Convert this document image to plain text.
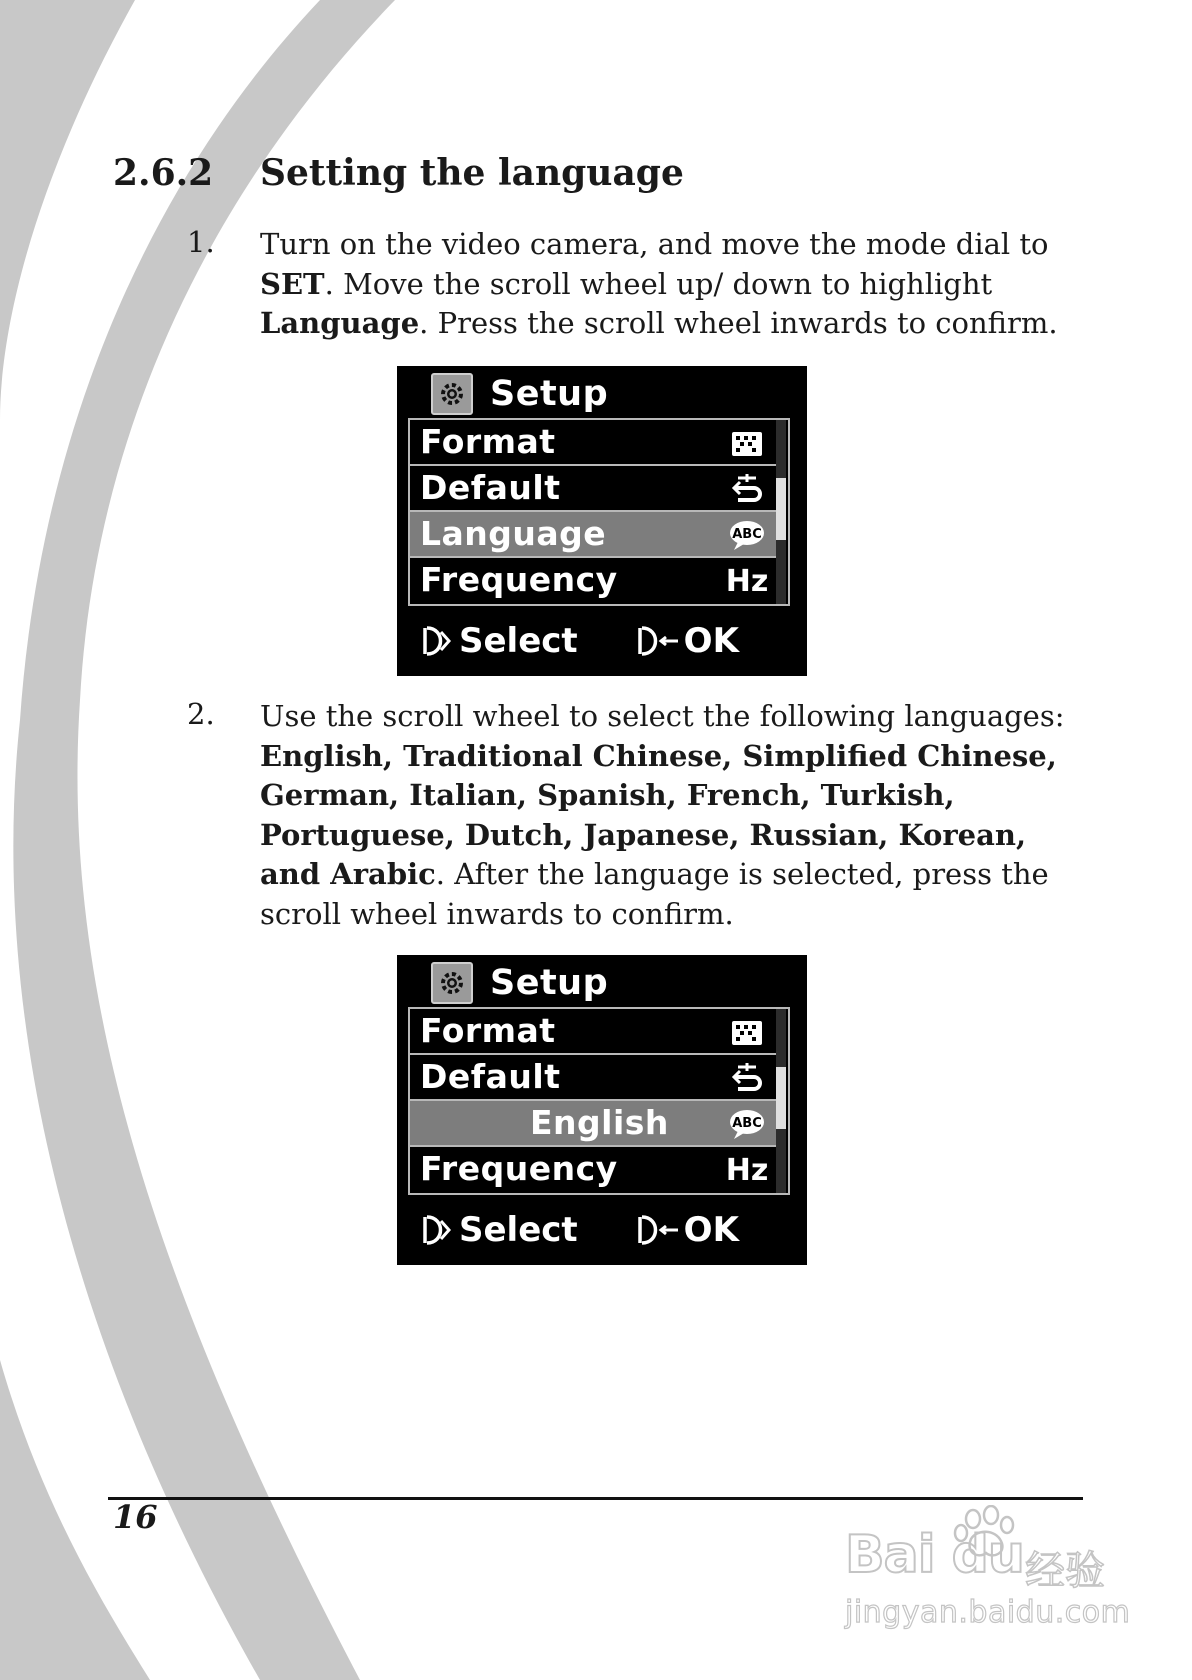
2.6.2 Setting the language
1. Turn on the video camera, and move the mode dial to SET. Move the scroll wheel up/ down to highlight Language. Press the scroll wheel inwards to confirm.
Setup
Format
Default
Language	ABC
Frequency	Hz
Select	OK
2. Use the scroll wheel to select the following languages: English, Traditional Chinese, Simplified Chinese, German, Italian, Spanish, French, Turkish, Portuguese, Dutch, Japanese, Russian, Korean, and Arabic. After the language is selected, press the scroll wheel inwards to confirm.
Setup
Format
Default
English	ABC
Frequency	Hz
Select	OK
16
Bai du 经验
jingyan.baidu.com
